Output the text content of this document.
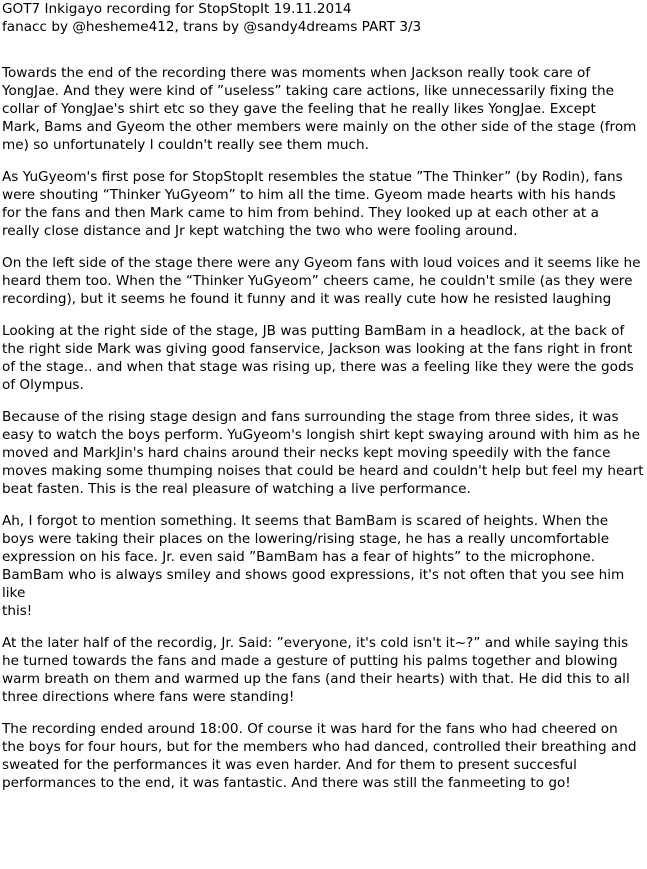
GOT7 Inkigayo recording for StopStopIt 19.11.2014
fanacc by @hesheme412, trans by @sandy4dreams PART 3/3

Towards the end of the recording there was moments when Jackson really took care of
YongJae. And they were kind of ”useless” taking care actions, like unnecessarily fixing the
collar of YongJae's shirt etc so they gave the feeling that he really likes YongJae. Except
Mark, Bams and Gyeom the other members were mainly on the other side of the stage (from
me) so unfortunately I couldn't really see them much.

As YuGyeom's first pose for StopStopIt resembles the statue ”The Thinker” (by Rodin), fans
were shouting “Thinker YuGyeom” to him all the time. Gyeom made hearts with his hands
for the fans and then Mark came to him from behind. They looked up at each other at a
really close distance and Jr kept watching the two who were fooling around.

On the left side of the stage there were any Gyeom fans with loud voices and it seems like he
heard them too. When the “Thinker YuGyeom” cheers came, he couldn't smile (as they were
recording), but it seems he found it funny and it was really cute how he resisted laughing

Looking at the right side of the stage, JB was putting BamBam in a headlock, at the back of
the right side Mark was giving good fanservice, Jackson was looking at the fans right in front
of the stage.. and when that stage was rising up, there was a feeling like they were the gods
of Olympus.

Because of the rising stage design and fans surrounding the stage from three sides, it was
easy to watch the boys perform. YuGyeom's longish shirt kept swaying around with him as he
moved and MarkJin's hard chains around their necks kept moving speedily with the fance
moves making some thumping noises that could be heard and couldn't help but feel my heart
beat fasten. This is the real pleasure of watching a live performance.

Ah, I forgot to mention something. It seems that BamBam is scared of heights. When the
boys were taking their places on the lowering/rising stage, he has a really uncomfortable
expression on his face. Jr. even said ”BamBam has a fear of hights” to the microphone.
BamBam who is always smiley and shows good expressions, it's not often that you see him like
this!

At the later half of the recordig, Jr. Said: ”everyone, it's cold isn't it~?” and while saying this
he turned towards the fans and made a gesture of putting his palms together and blowing
warm breath on them and warmed up the fans (and their hearts) with that. He did this to all
three directions where fans were standing!

The recording ended around 18:00. Of course it was hard for the fans who had cheered on
the boys for four hours, but for the members who had danced, controlled their breathing and
sweated for the performances it was even harder. And for them to present succesful
performances to the end, it was fantastic. And there was still the fanmeeting to go!
